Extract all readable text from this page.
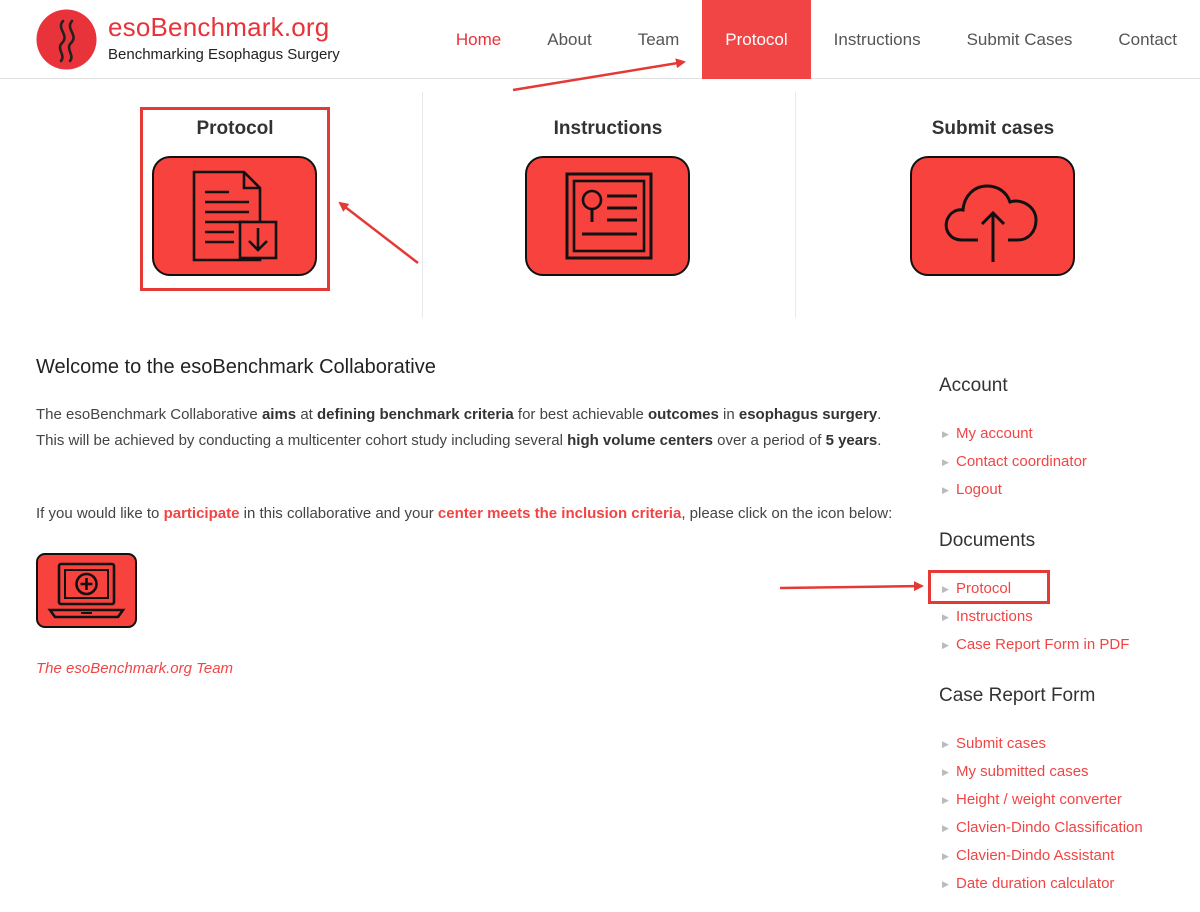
esoBenchmark.org
Benchmarking Esophagus Surgery
Home	About	Team	Protocol	Instructions	Submit Cases	Contact
Protocol	Instructions	Submit cases
Welcome to the esoBenchmark Collaborative
The esoBenchmark Collaborative aims at defining benchmark criteria for best achievable outcomes in esophagus surgery. This will be achieved by conducting a multicenter cohort study including several high volume centers over a period of 5 years.
If you would like to participate in this collaborative and your center meets the inclusion criteria, please click on the icon below:
The esoBenchmark.org Team
Account
▶ My account
▶ Contact coordinator
▶ Logout
Documents
▶ Protocol
▶ Instructions
▶ Case Report Form in PDF
Case Report Form
▶ Submit cases
▶ My submitted cases
▶ Height / weight converter
▶ Clavien-Dindo Classification
▶ Clavien-Dindo Assistant
▶ Date duration calculator
